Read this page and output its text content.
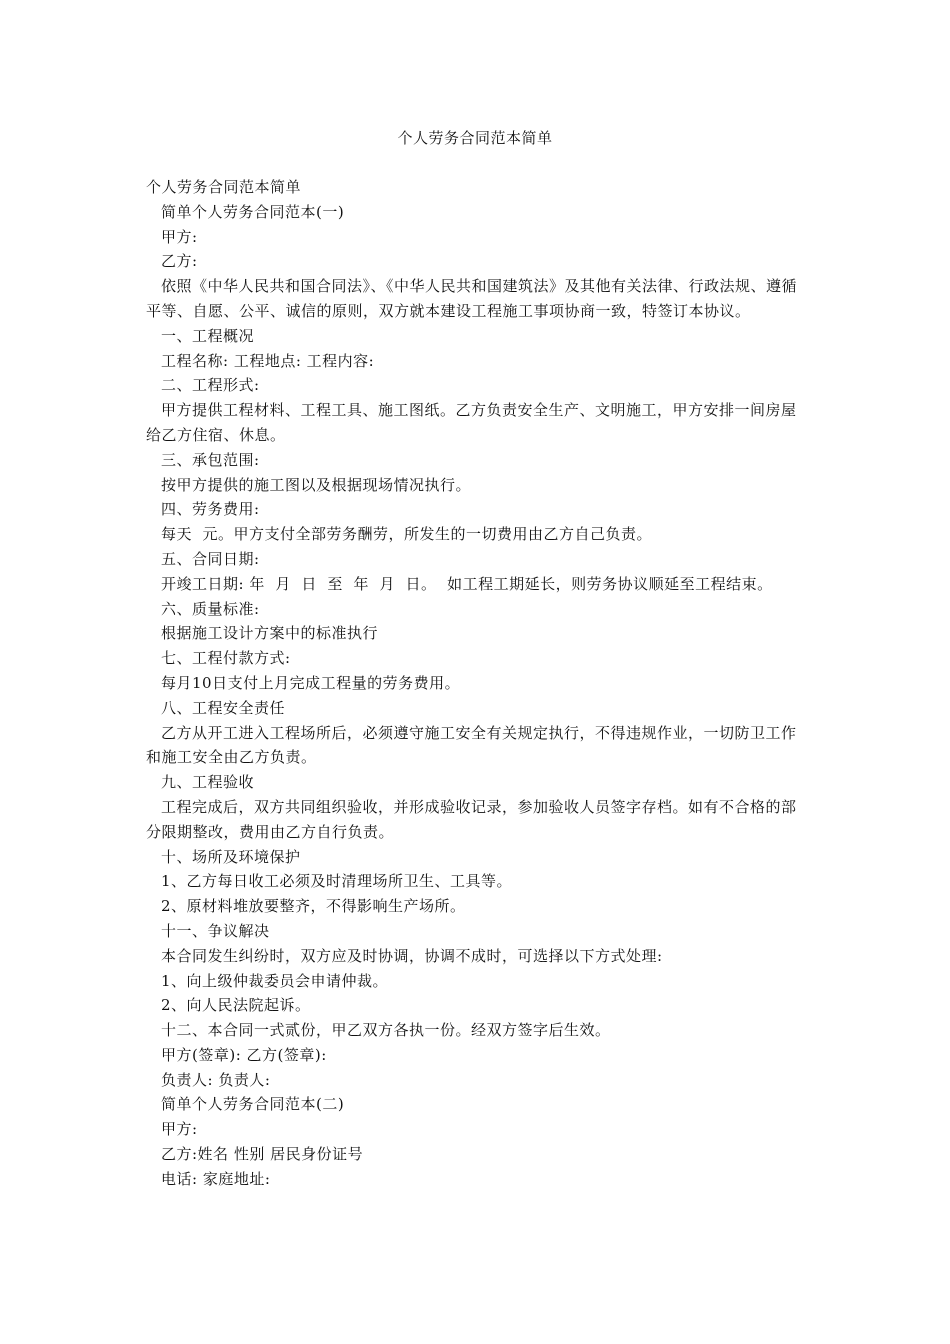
个人劳务合同范本简单

个人劳务合同范本简单

简单个人劳务合同范本(一)

甲方:

乙方:

依照《中华人民共和国合同法》、《中华人民共和国建筑法》及其他有关法律、行政法规、遵循平等、自愿、公平、诚信的原则，双方就本建设工程施工事项协商一致，特签订本协议。

一、工程概况

工程名称: 工程地点: 工程内容:

二、工程形式:

甲方提供工程材料、工程工具、施工图纸。乙方负责安全生产、文明施工，甲方安排一间房屋给乙方住宿、休息。

三、承包范围:

按甲方提供的施工图以及根据现场情况执行。

四、劳务费用:

每天  元。甲方支付全部劳务酬劳，所发生的一切费用由乙方自己负责。

五、合同日期:

开竣工日期: 年  月  日  至  年  月  日。  如工程工期延长，则劳务协议顺延至工程结束。

六、质量标准:

根据施工设计方案中的标准执行

七、工程付款方式:

每月10日支付上月完成工程量的劳务费用。

八、工程安全责任

乙方从开工进入工程场所后，必须遵守施工安全有关规定执行，不得违规作业，一切防卫工作和施工安全由乙方负责。

九、工程验收

工程完成后，双方共同组织验收，并形成验收记录，参加验收人员签字存档。如有不合格的部分限期整改，费用由乙方自行负责。

十、场所及环境保护

1、乙方每日收工必须及时清理场所卫生、工具等。

2、原材料堆放要整齐，不得影响生产场所。

十一、争议解决

本合同发生纠纷时，双方应及时协调，协调不成时，可选择以下方式处理:

1、向上级仲裁委员会申请仲裁。

2、向人民法院起诉。

十二、本合同一式贰份，甲乙双方各执一份。经双方签字后生效。

甲方(签章): 乙方(签章):

负责人: 负责人:

简单个人劳务合同范本(二)

甲方:

乙方:姓名 性别 居民身份证号

电话: 家庭地址:
